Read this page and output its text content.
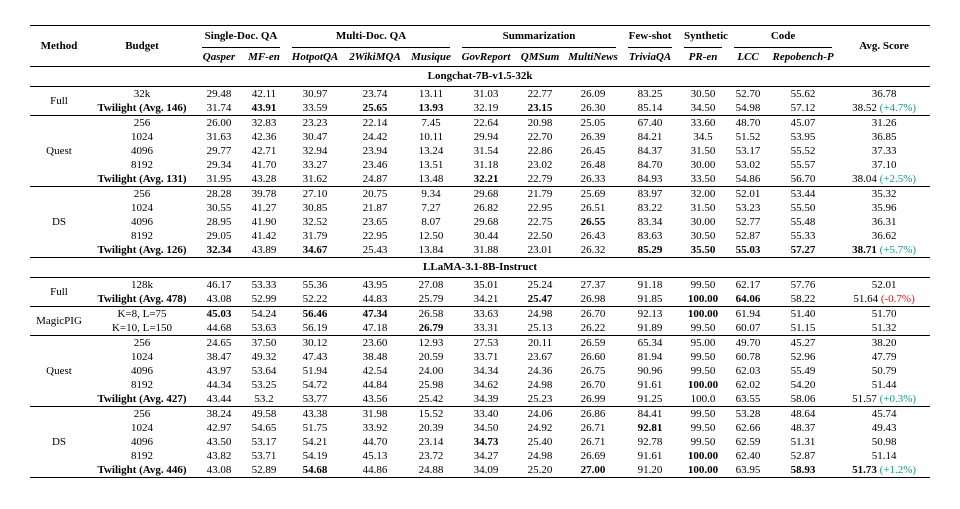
Method	Budget	Single-Doc. QA		Multi-Doc. QA			Summarization			Few-shot	Synthetic	Code		Avg. Score
		Qasper	MF-en	HotpotQA	2WikiMQA	Musique	GovReport	QMSum	MultiNews	TriviaQA	PR-en	LCC	Repobench-P	
Longchat-7B-v1.5-32k														
Full	32k	29.48	42.11	30.97	23.74	13.11	31.03	22.77	26.09	83.25	30.50	52.70	55.62	36.78
	Twilight (Avg. 146)	31.74	43.91	33.59	25.65	13.93	32.19	23.15	26.30	85.14	34.50	54.98	57.12	38.52 (+4.7%)
Quest	256	26.00	32.83	23.23	22.14	7.45	22.64	20.98	25.05	67.40	33.60	48.70	45.07	31.26
	1024	31.63	42.36	30.47	24.42	10.11	29.94	22.70	26.39	84.21	34.5	51.52	53.95	36.85
	4096	29.77	42.71	32.94	23.94	13.24	31.54	22.86	26.45	84.37	31.50	53.17	55.52	37.33
	8192	29.34	41.70	33.27	23.46	13.51	31.18	23.02	26.48	84.70	30.00	53.02	55.57	37.10
	Twilight (Avg. 131)	31.95	43.28	31.62	24.87	13.48	32.21	22.79	26.33	84.93	33.50	54.86	56.70	38.04 (+2.5%)
DS	256	28.28	39.78	27.10	20.75	9.34	29.68	21.79	25.69	83.97	32.00	52.01	53.44	35.32
	1024	30.55	41.27	30.85	21.87	7.27	26.82	22.95	26.51	83.22	31.50	53.23	55.50	35.96
	4096	28.95	41.90	32.52	23.65	8.07	29.68	22.75	26.55	83.34	30.00	52.77	55.48	36.31
	8192	29.05	41.42	31.79	22.95	12.50	30.44	22.50	26.43	83.63	30.50	52.87	55.33	36.62
	Twilight (Avg. 126)	32.34	43.89	34.67	25.43	13.84	31.88	23.01	26.32	85.29	35.50	55.03	57.27	38.71 (+5.7%)
LLaMA-3.1-8B-Instruct														
Full	128k	46.17	53.33	55.36	43.95	27.08	35.01	25.24	27.37	91.18	99.50	62.17	57.76	52.01
	Twilight (Avg. 478)	43.08	52.99	52.22	44.83	25.79	34.21	25.47	26.98	91.85	100.00	64.06	58.22	51.64 (-0.7%)
MagicPIG	K=8, L=75	45.03	54.24	56.46	47.34	26.58	33.63	24.98	26.70	92.13	100.00	61.94	51.40	51.70
	K=10, L=150	44.68	53.63	56.19	47.18	26.79	33.31	25.13	26.22	91.89	99.50	60.07	51.15	51.32
Quest	256	24.65	37.50	30.12	23.60	12.93	27.53	20.11	26.59	65.34	95.00	49.70	45.27	38.20
	1024	38.47	49.32	47.43	38.48	20.59	33.71	23.67	26.60	81.94	99.50	60.78	52.96	47.79
	4096	43.97	53.64	51.94	42.54	24.00	34.34	24.36	26.75	90.96	99.50	62.03	55.49	50.79
	8192	44.34	53.25	54.72	44.84	25.98	34.62	24.98	26.70	91.61	100.00	62.02	54.20	51.44
	Twilight (Avg. 427)	43.44	53.2	53.77	43.56	25.42	34.39	25.23	26.99	91.25	100.0	63.55	58.06	51.57 (+0.3%)
DS	256	38.24	49.58	43.38	31.98	15.52	33.40	24.06	26.86	84.41	99.50	53.28	48.64	45.74
	1024	42.97	54.65	51.75	33.92	20.39	34.50	24.92	26.71	92.81	99.50	62.66	48.37	49.43
	4096	43.50	53.17	54.21	44.70	23.14	34.73	25.40	26.71	92.78	99.50	62.59	51.31	50.98
	8192	43.82	53.71	54.19	45.13	23.72	34.27	24.98	26.69	91.61	100.00	62.40	52.87	51.14
	Twilight (Avg. 446)	43.08	52.89	54.68	44.86	24.88	34.09	25.20	27.00	91.20	100.00	63.95	58.93	51.73 (+1.2%)
